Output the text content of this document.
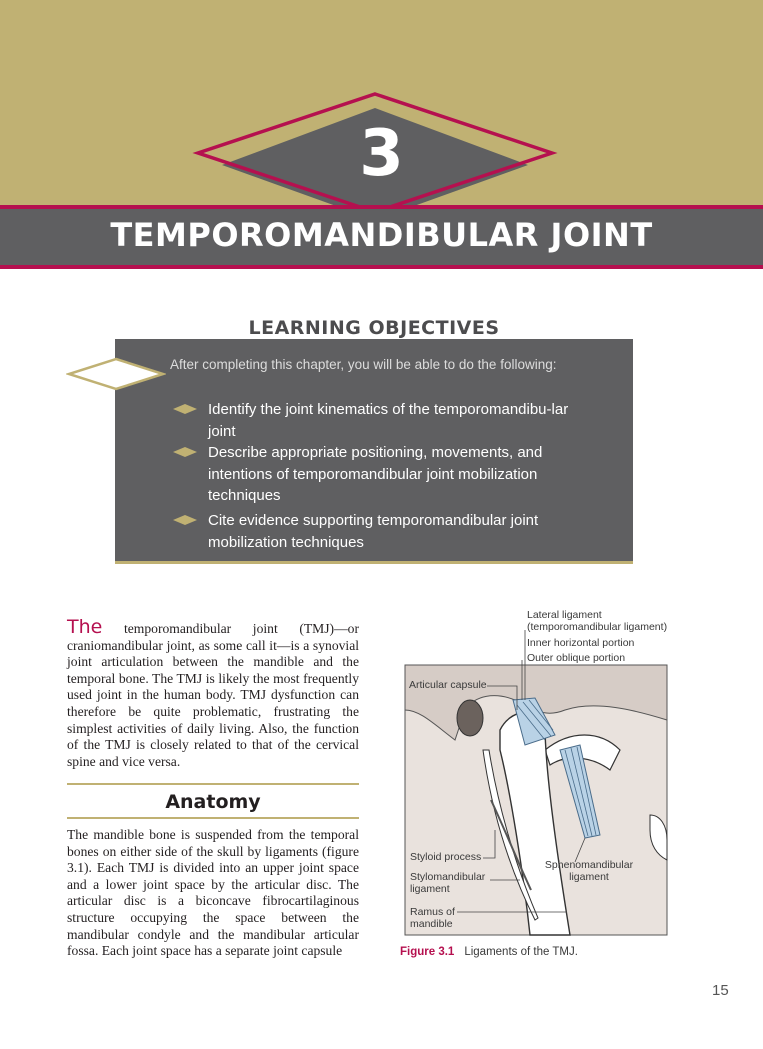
3
TEMPOROMANDIBULAR JOINT
LEARNING OBJECTIVES
After completing this chapter, you will be able to do the following:
Identify the joint kinematics of the temporomandibu-lar joint
Describe appropriate positioning, movements, and intentions of temporomandibular joint mobilization techniques
Cite evidence supporting temporomandibular joint mobilization techniques
The temporomandibular joint (TMJ)—or craniomandibular joint, as some call it—is a synovial joint articulation between the mandible and the temporal bone. The TMJ is likely the most frequently used joint in the human body. TMJ dysfunction can therefore be quite problematic, frustrating the simplest activities of daily living. Also, the function of the TMJ is closely related to that of the cervical spine and vice versa.
Anatomy
The mandible bone is suspended from the temporal bones on either side of the skull by ligaments (figure 3.1). Each TMJ is divided into an upper joint space and a lower joint space by the articular disc. The articular disc is a biconcave fibrocartilaginous structure occupying the space between the mandibular condyle and the mandibular articular fossa. Each joint space has a separate joint capsule
Lateral ligament
(temporomandibular ligament)
Inner horizontal portion
Outer oblique portion
Articular capsule
Styloid process
Stylomandibular
ligament
Sphenomandibular
ligament
Ramus of
mandible
Figure 3.1 Ligaments of the TMJ.
15
